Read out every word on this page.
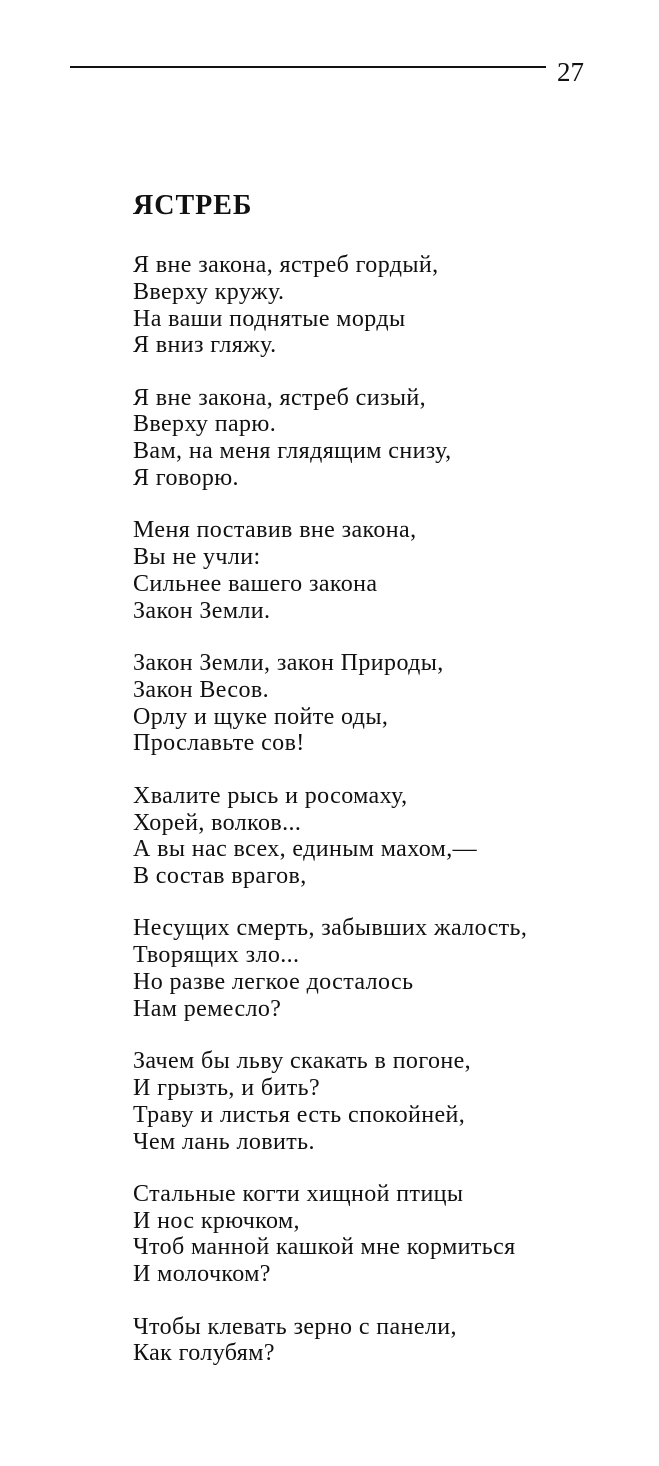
27
ЯСТРЕБ
Я вне закона, ястреб гордый,
Вверху кружу.
На ваши поднятые морды
Я вниз гляжу.
Я вне закона, ястреб сизый,
Вверху парю.
Вам, на меня глядящим снизу,
Я говорю.
Меня поставив вне закона,
Вы не учли:
Сильнее вашего закона
Закон Земли.
Закон Земли, закон Природы,
Закон Весов.
Орлу и щуке пойте оды,
Прославьте сов!
Хвалите рысь и росомаху,
Хорей, волков...
А вы нас всех, единым махом,—
В состав врагов,
Несущих смерть, забывших жалость,
Творящих зло...
Но разве легкое досталось
Нам ремесло?
Зачем бы льву скакать в погоне,
И грызть, и бить?
Траву и листья есть спокойней,
Чем лань ловить.
Стальные когти хищной птицы
И нос крючком,
Чтоб манной кашкой мне кормиться
И молочком?
Чтобы клевать зерно с панели,
Как голубям?
